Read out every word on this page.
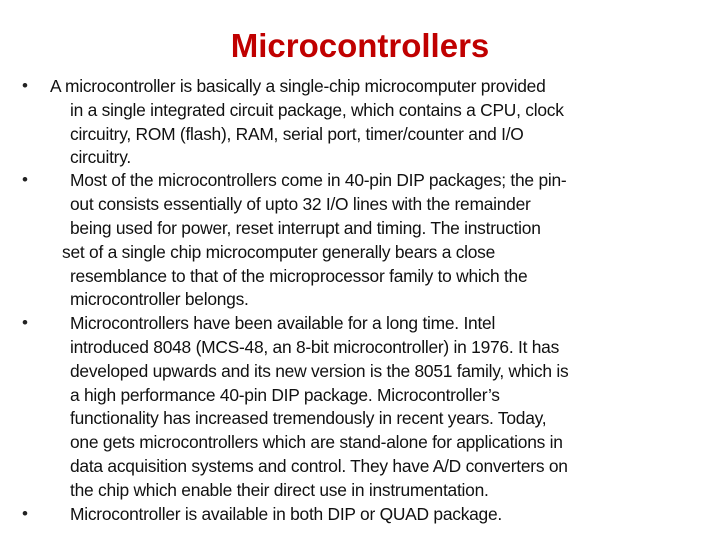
Microcontrollers
•	A microcontroller is basically a single-chip microcomputer provided
in a single integrated circuit package, which contains a CPU, clock
circuitry, ROM (flash), RAM, serial port, timer/counter and I/O
circuitry.
•	Most of the microcontrollers come in 40-pin DIP packages; the pin-
out consists essentially of upto 32 I/O lines with the remainder
being used for power, reset interrupt and timing. The instruction
set of a single chip microcomputer generally bears a close
resemblance to that of the microprocessor family to which the
microcontroller belongs.
•	Microcontrollers have been available for a long time. Intel
introduced 8048 (MCS-48, an 8-bit microcontroller) in 1976. It has
developed upwards and its new version is the 8051 family, which is
a high performance 40-pin DIP package. Microcontroller’s
functionality has increased tremendously in recent years. Today,
one gets microcontrollers which are stand-alone for applications in
data acquisition systems and control. They have A/D converters on
the chip which enable their direct use in instrumentation.
•	Microcontroller is available in both DIP or QUAD package.
